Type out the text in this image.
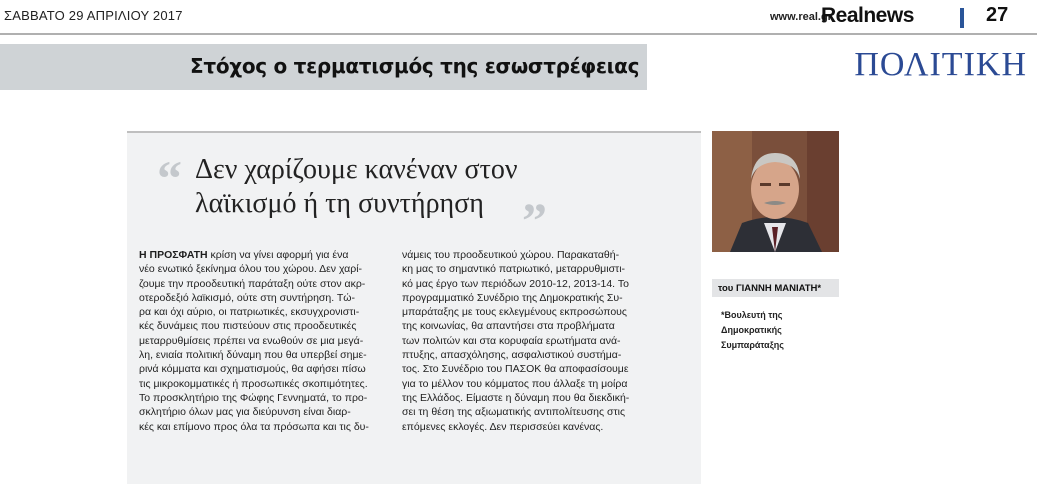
ΣΑΒΒΑΤΟ 29 ΑΠΡΙΛΙΟΥ 2017	www.real.gr
Realnews	27
Στόχος ο τερματισμός της εσωστρέφειας	ΠΟΛΙΤΙΚΗ
“ Δεν χαρίζουμε κανέναν στον
λαϊκισμό ή τη συντήρηση ”

Η ΠΡΟΣΦΑΤΗ κρίση να γίνει αφορμή για ένα

νέο ενωτικό ξεκίνημα όλου του χώρου. Δεν χαρί-

ζουμε την προοδευτική παράταξη ούτε στον ακρ-

οτεροδεξιό λαϊκισμό, ούτε στη συντήρηση. Τώ-

ρα και όχι αύριο, οι πατριωτικές, εκσυγχρονιστι-

κές δυνάμεις που πιστεύουν στις προοδευτικές

μεταρρυθμίσεις πρέπει να ενωθούν σε μια μεγά-

λη, ενιαία πολιτική δύναμη που θα υπερβεί σημε-

ρινά κόμματα και σχηματισμούς, θα αφήσει πίσω

τις μικροκομματικές ή προσωπικές σκοπιμότητες.

Το προσκλητήριο της Φώφης Γεννηματά, το προ-

σκλητήριο όλων μας για διεύρυνση είναι διαρ-

κές και επίμονο προς όλα τα πρόσωπα και τις δυ-

νάμεις του προοδευτικού χώρου. Παρακαταθή-

κη μας το σημαντικό πατριωτικό, μεταρρυθμιστι-

κό μας έργο των περιόδων 2010-12, 2013-14. Το

προγραμματικό Συνέδριο της Δημοκρατικής Συ-

μπαράταξης με τους εκλεγμένους εκπροσώπους

της κοινωνίας, θα απαντήσει στα προβλήματα

των πολιτών και στα κορυφαία ερωτήματα ανά-

πτυξης, απασχόλησης, ασφαλιστικού συστήμα-

τος. Στο Συνέδριο του ΠΑΣΟΚ θα αποφασίσουμε

για το μέλλον του κόμματος που άλλαξε τη μοίρα

της Ελλάδος. Είμαστε η δύναμη που θα διεκδική-

σει τη θέση της αξιωματικής αντιπολίτευσης στις

επόμενες εκλογές. Δεν περισσεύει κανένας.

του ΓΙΑΝΝΗ ΜΑΝΙΑΤΗ*
*Βουλευτή της
Δημοκρατικής
Συμπαράταξης
